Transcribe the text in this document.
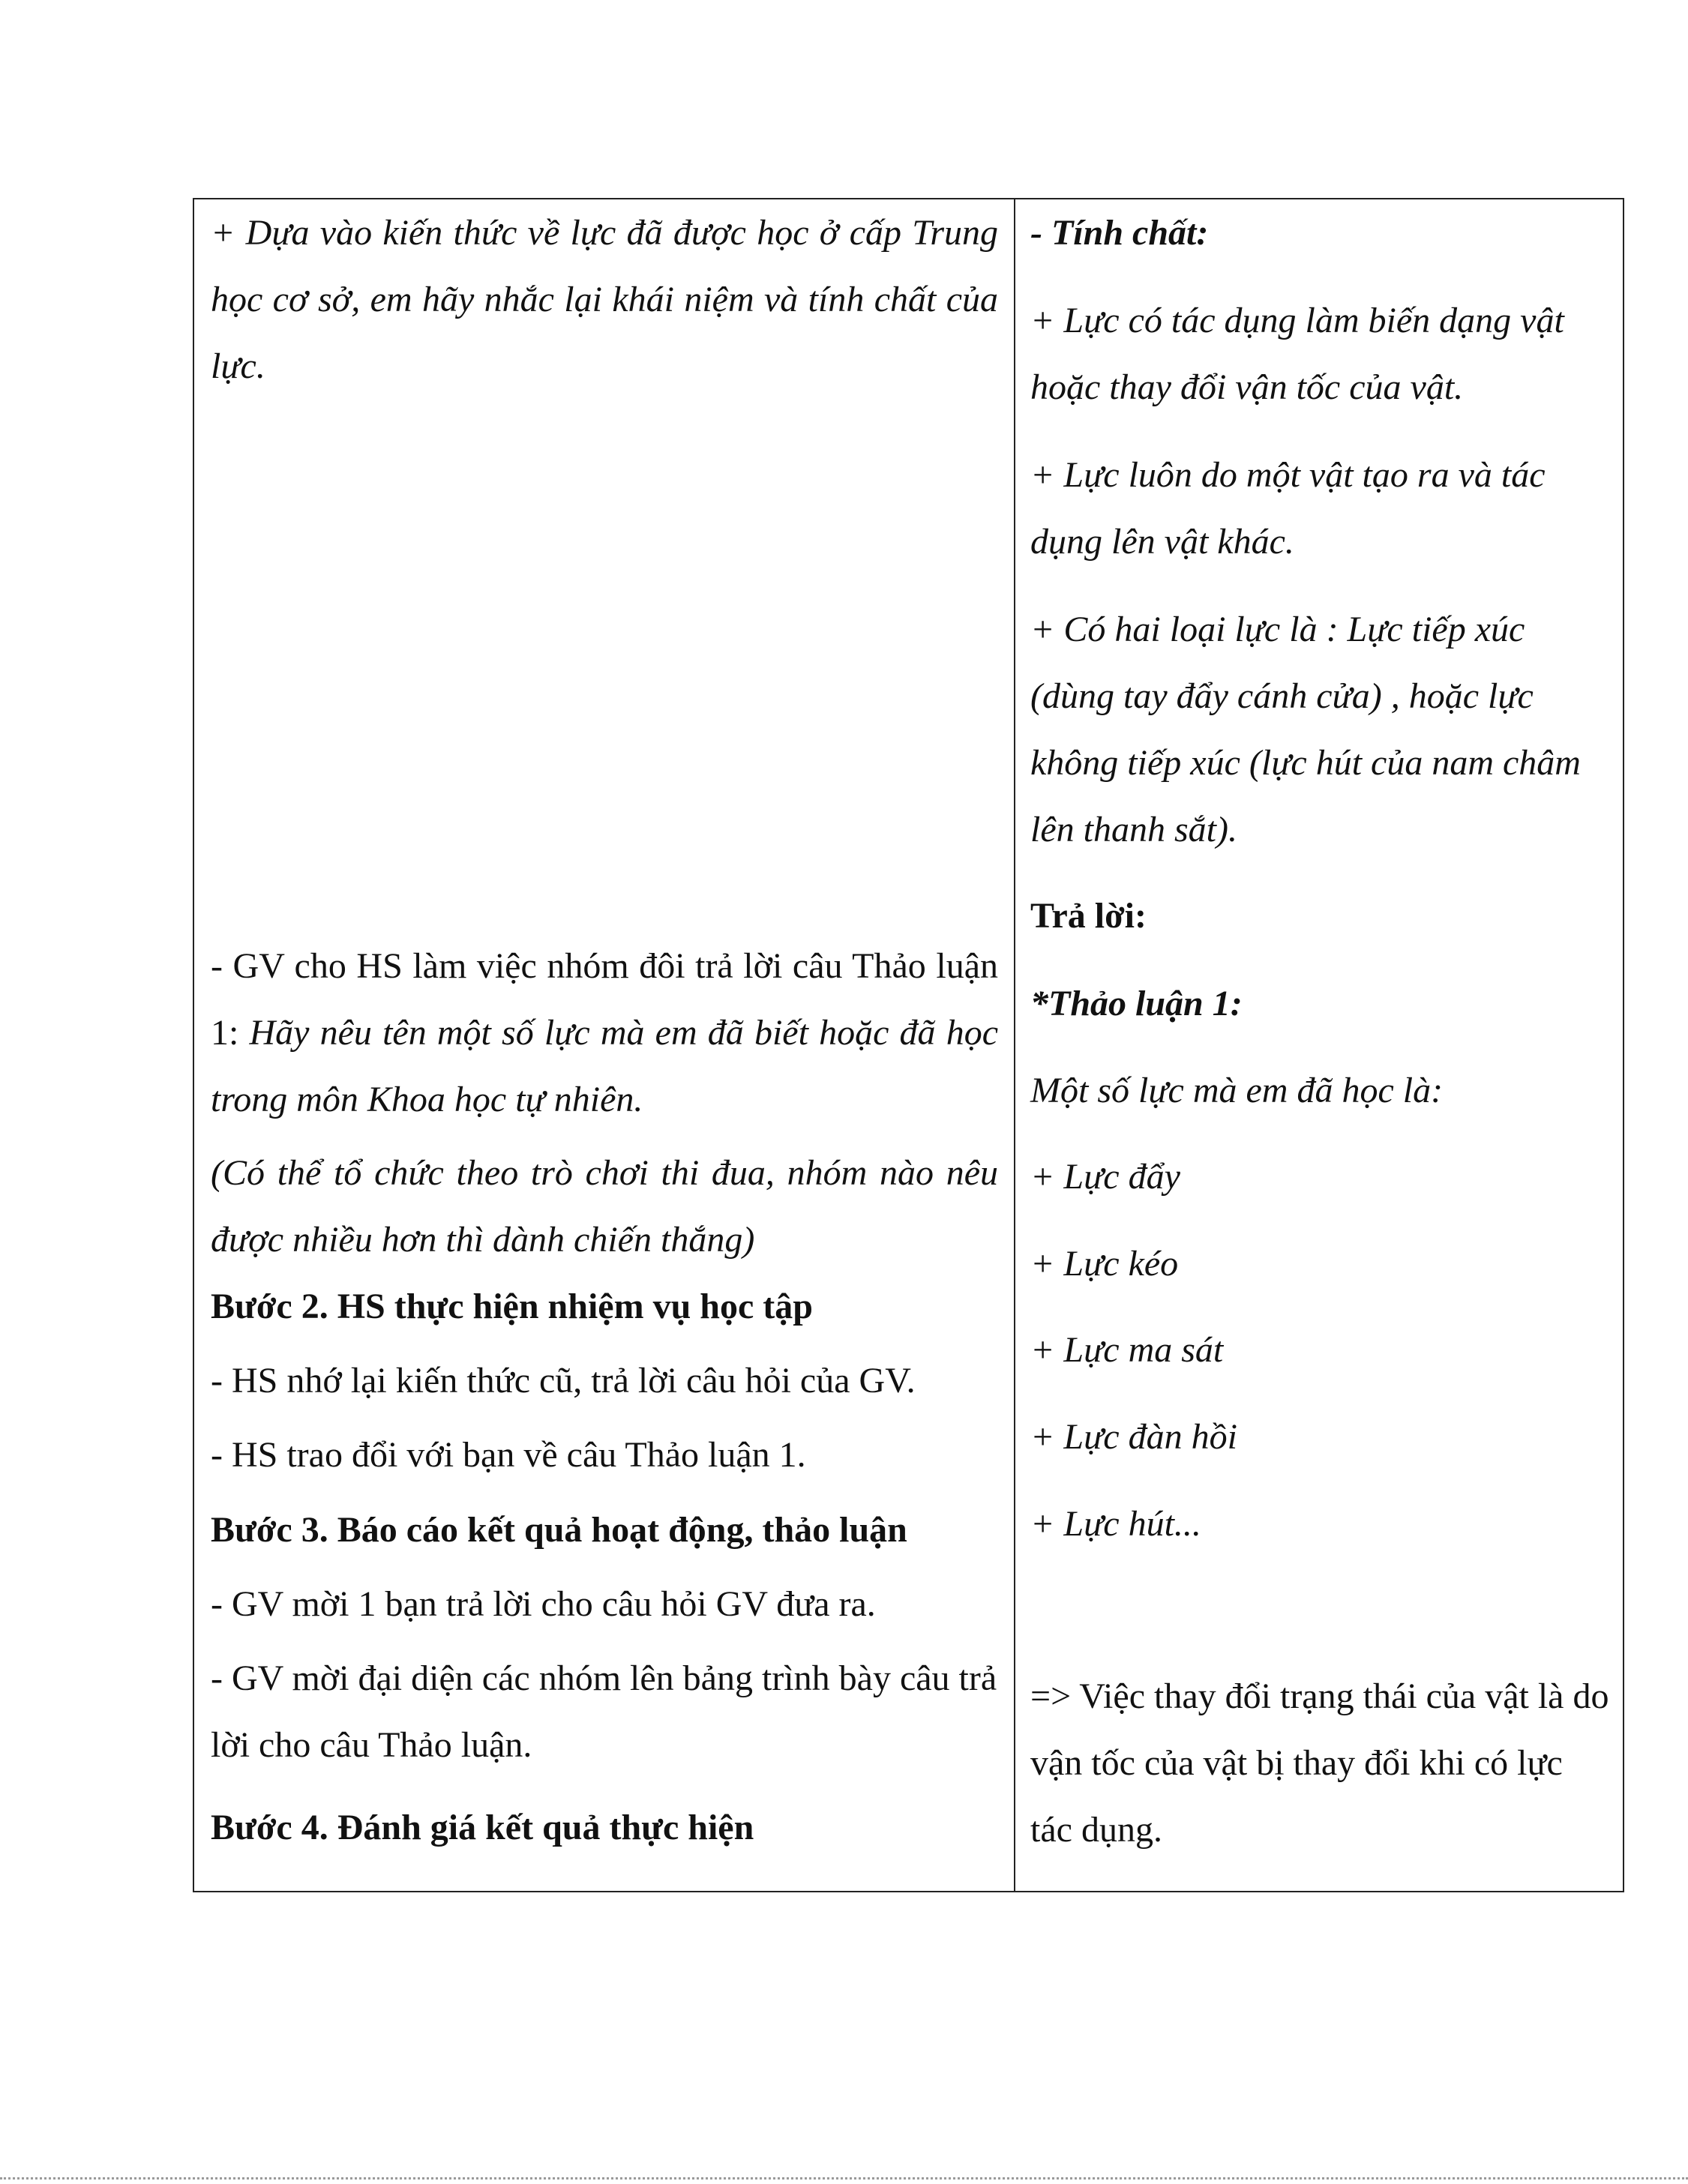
+ Dựa vào kiến thức về lực đã được học ở cấp Trung học cơ sở, em hãy nhắc lại khái niệm và tính chất của lực.
- GV cho HS làm việc nhóm đôi trả lời câu Thảo luận 1: Hãy nêu tên một số lực mà em đã biết hoặc đã học trong môn Khoa học tự nhiên.
(Có thể tổ chức theo trò chơi thi đua, nhóm nào nêu được nhiều hơn thì dành chiến thắng)
Bước 2. HS thực hiện nhiệm vụ học tập
- HS nhớ lại kiến thức cũ, trả lời câu hỏi của GV.
- HS trao đổi với bạn về câu Thảo luận 1.
Bước 3. Báo cáo kết quả hoạt động, thảo luận
- GV mời 1 bạn trả lời cho câu hỏi GV đưa ra.
- GV mời đại diện các nhóm lên bảng trình bày câu trả lời cho câu Thảo luận.
Bước 4. Đánh giá kết quả thực hiện

- Tính chất:
+ Lực có tác dụng làm biến dạng vật hoặc thay đổi vận tốc của vật.
+ Lực luôn do một vật tạo ra và tác dụng lên vật khác.
+ Có hai loại lực là : Lực tiếp xúc (dùng tay đẩy cánh cửa) , hoặc lực không tiếp xúc (lực hút của nam châm lên thanh sắt).
Trả lời:
*Thảo luận 1:
Một số lực mà em đã học là:
+ Lực đẩy
+ Lực kéo
+ Lực ma sát
+ Lực đàn hồi
+ Lực hút...
=> Việc thay đổi trạng thái của vật là do vận tốc của vật bị thay đổi khi có lực tác dụng.
